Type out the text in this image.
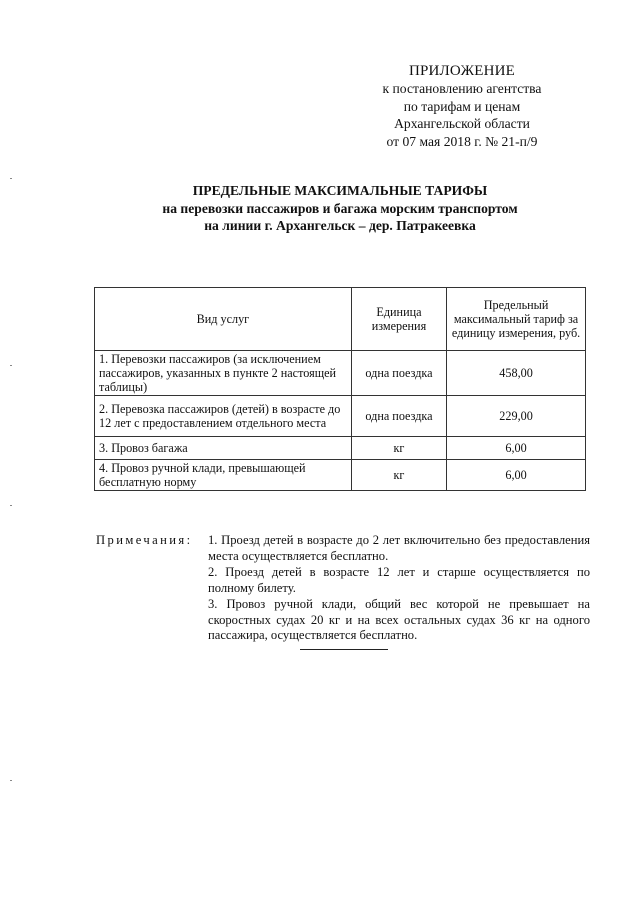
ПРИЛОЖЕНИЕ
к постановлению агентства
по тарифам и ценам
Архангельской области
от 07 мая 2018 г. № 21-п/9
ПРЕДЕЛЬНЫЕ МАКСИМАЛЬНЫЕ ТАРИФЫ
на перевозки пассажиров и багажа морским транспортом
на линии г. Архангельск – дер. Патракеевка
Вид услуг	Единица измерения	Предельный максимальный тариф за единицу измерения, руб.
1. Перевозки пассажиров (за исключением пассажиров, указанных в пункте 2 настоящей таблицы)	одна поездка	458,00
2. Перевозка пассажиров (детей) в возрасте до 12 лет с предоставлением отдельного места	одна поездка	229,00
3. Провоз багажа	кг	6,00
4. Провоз ручной клади, превышающей бесплатную норму	кг	6,00
Примечания: 1. Проезд детей в возрасте до 2 лет включительно без предоставления места осуществляется бесплатно.
2. Проезд детей в возрасте 12 лет и старше осуществляется по полному билету.
3. Провоз ручной клади, общий вес которой не превышает на скоростных судах 20 кг и на всех остальных судах 36 кг на одного пассажира, осуществляется бесплатно.
